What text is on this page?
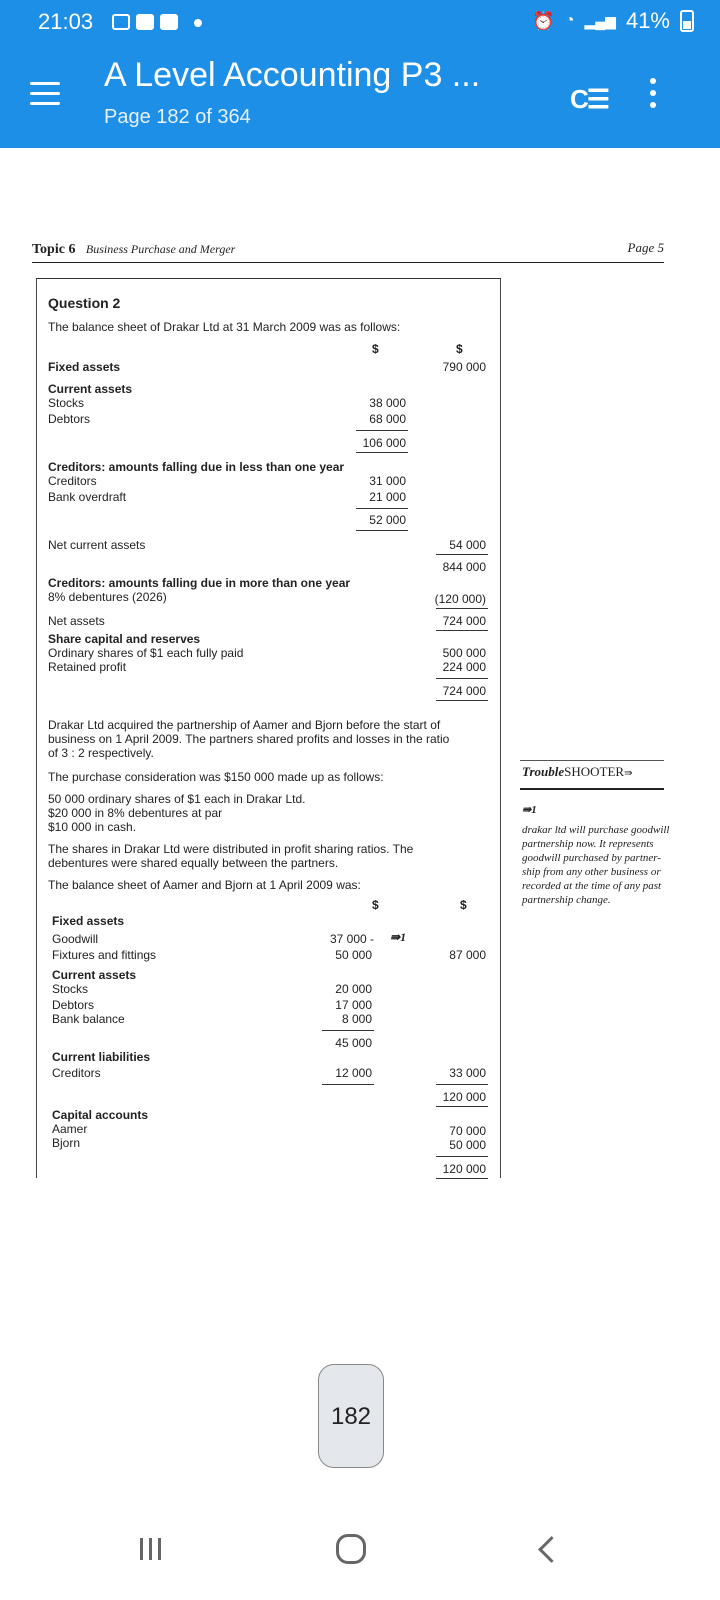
21:03	⏰ ◔ ▂▄▆ 41%
A Level Accounting P3 ...
Page 182 of 364
C☰
Topic 6 Business Purchase and Merger	Page 5
Question 2
The balance sheet of Drakar Ltd at 31 March 2009 was as follows:
$	$
Fixed assets	790 000
Current assets
Stocks	38 000
Debtors	68 000
106 000
Creditors: amounts falling due in less than one year
Creditors	31 000
Bank overdraft	21 000
52 000
Net current assets	54 000
844 000
Creditors: amounts falling due in more than one year
8% debentures (2026)	(120 000)
Net assets	724 000
Share capital and reserves
Ordinary shares of $1 each fully paid	500 000
Retained profit	224 000
724 000
Drakar Ltd acquired the partnership of Aamer and Bjorn before the start of
business on 1 April 2009. The partners shared profits and losses in the ratio
of 3 : 2 respectively.
The purchase consideration was $150 000 made up as follows:
50 000 ordinary shares of $1 each in Drakar Ltd.
$20 000 in 8% debentures at par
$10 000 in cash.
The shares in Drakar Ltd were distributed in profit sharing ratios. The
debentures were shared equally between the partners.
The balance sheet of Aamer and Bjorn at 1 April 2009 was:
$	$
Fixed assets
Goodwill	37 000 - ⇛1
Fixtures and fittings	50 000	87 000
Current assets
Stocks	20 000
Debtors	17 000
Bank balance	8 000
45 000
Current liabilities
Creditors	12 000	33 000
120 000
Capital accounts
Aamer	70 000
Bjorn	50 000
120 000
TroubleSHOOTER⇛
⇛1
drakar ltd will purchase goodwill
partnership now. It represents
goodwill purchased by partner-
ship from any other business or
recorded at the time of any past
partnership change.
182
